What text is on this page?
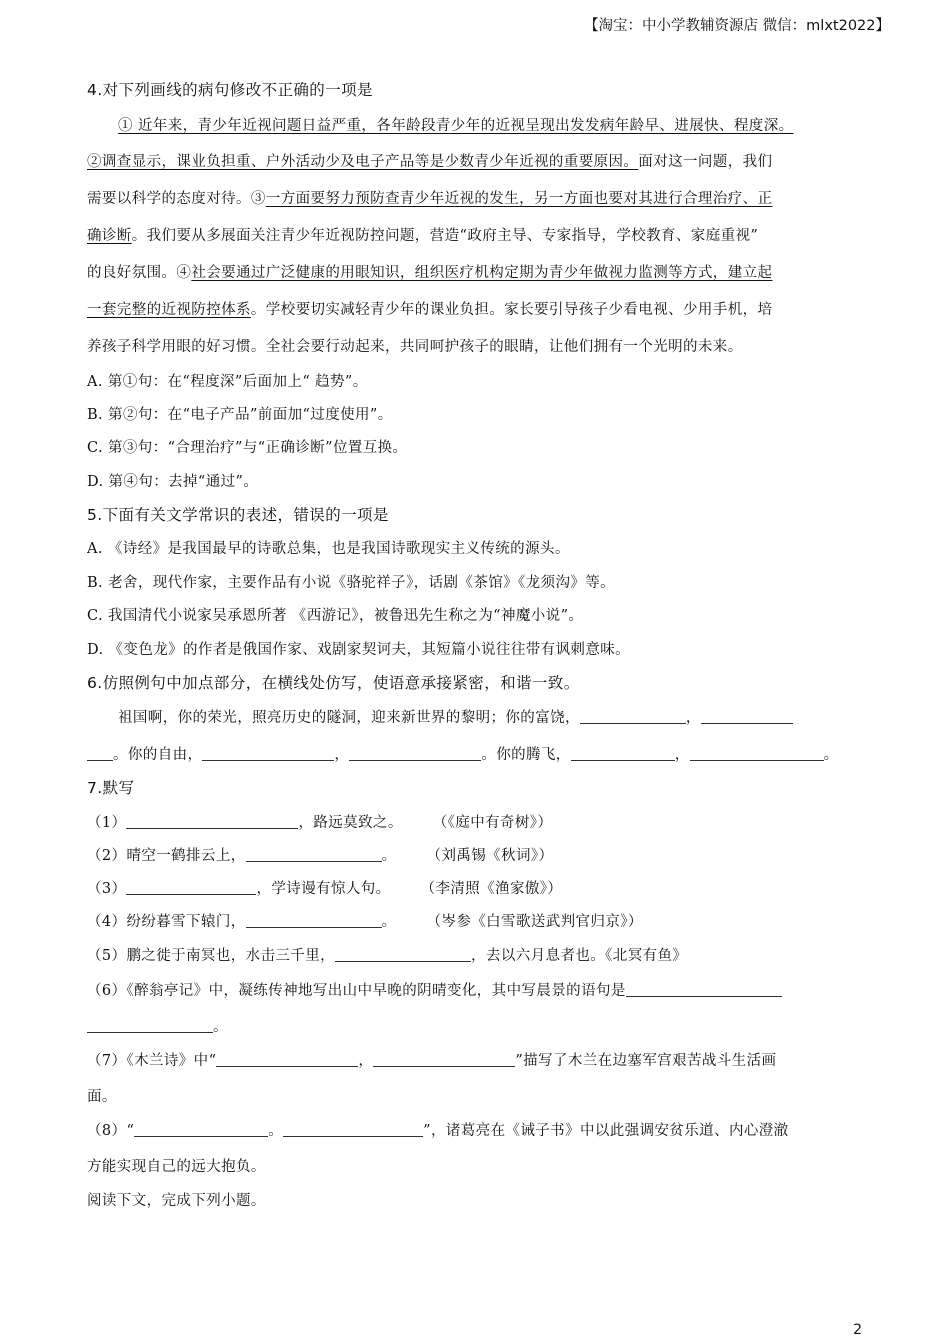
【淘宝：中小学教辅资源店 微信：mlxt2022】
4.对下列画线的病句修改不正确的一项是
① 近年来，青少年近视问题日益严重，各年龄段青少年的近视呈现出发发病年龄早、进展快、程度深。
②调查显示，课业负担重、户外活动少及电子产品等是少数青少年近视的重要原因。面对这一问题，我们
需要以科学的态度对待。③一方面要努力预防查青少年近视的发生，另一方面也要对其进行合理治疗、正
确诊断。我们要从多展面关注青少年近视防控问题，营造“政府主导、专家指导，学校教育、家庭重视”
的良好氛围。④社会要通过广泛健康的用眼知识，组织医疗机构定期为青少年做视力监测等方式，建立起
一套完整的近视防控体系。学校要切实减轻青少年的课业负担。家长要引导孩子少看电视、少用手机，培
养孩子科学用眼的好习惯。全社会要行动起来，共同呵护孩子的眼睛，让他们拥有一个光明的未来。
A. 第①句：在“程度深”后面加上“ 趋势”。
B. 第②句：在“电子产品”前面加“过度使用”。
C. 第③句：“合理治疗”与“正确诊断”位置互换。
D. 第④句：去掉“通过”。
5.下面有关文学常识的表述，错误的一项是
A. 《诗经》是我国最早的诗歌总集，也是我国诗歌现实主义传统的源头。
B. 老舍，现代作家，主要作品有小说《骆驼祥子》，话剧《茶馆》《龙须沟》等。
C. 我国清代小说家吴承恩所著 《西游记》，被鲁迅先生称之为“神魔小说”。
D. 《变色龙》的作者是俄国作家、戏剧家契诃夫，其短篇小说往往带有讽刺意味。
6.仿照例句中加点部分，在横线处仿写，使语意承接紧密，和谐一致。
祖国啊，你的荣光，照亮历史的隧洞，迎来新世界的黎明；你的富饶，	，
。你的自由，	，	。你的腾飞，	，	。
7.默写
（1）	，路远莫致之。 （《庭中有奇树》）
（2）晴空一鹤排云上，	。 （刘禹锡《秋词》）
（3）	，学诗谩有惊人句。 （李清照《渔家傲》）
（4）纷纷暮雪下辕门，	。 （岑参《白雪歌送武判官归京》）
（5）鹏之徙于南冥也，水击三千里，	，去以六月息者也。《北冥有鱼》
（6）《醉翁亭记》中，凝练传神地写出山中早晚的阴晴变化，其中写晨景的语句是
。
（7）《木兰诗》中“	，	”描写了木兰在边塞军宫艰苦战斗生活画
面。
（8）“	。	”，诸葛亮在《诫子书》中以此强调安贫乐道、内心澄澈
方能实现自己的远大抱负。
阅读下文，完成下列小题。
2
